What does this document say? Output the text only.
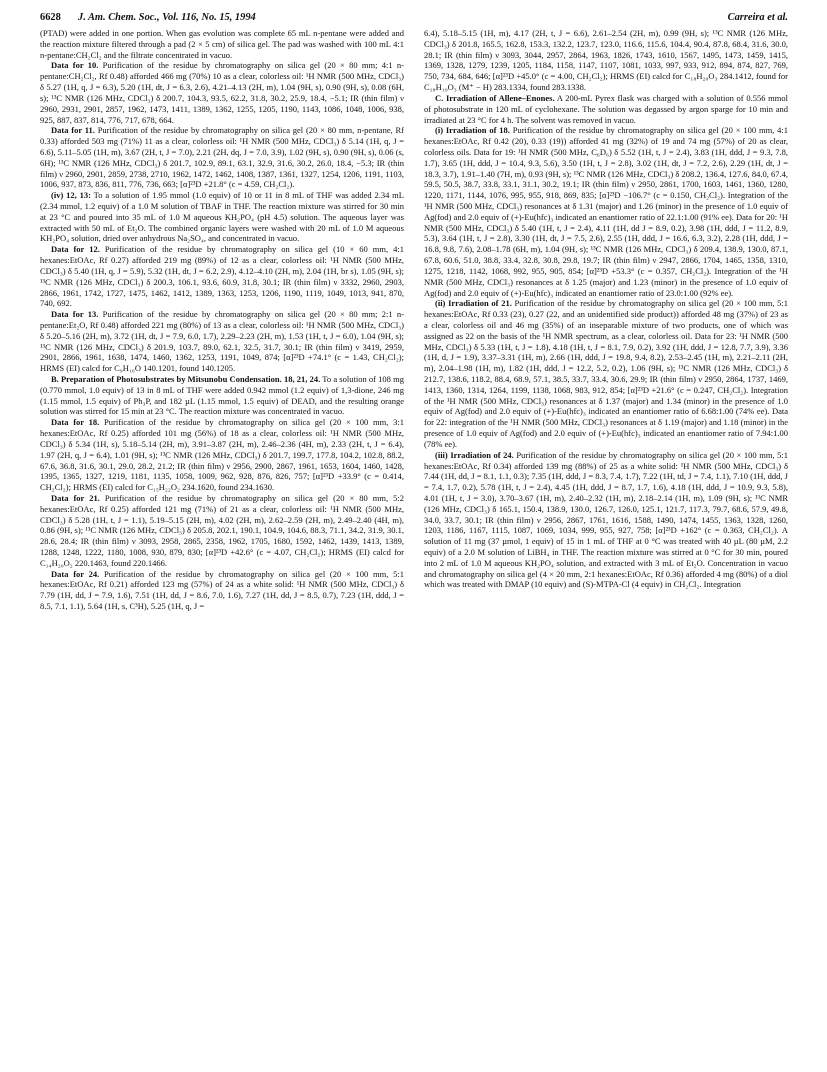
6628 J. Am. Chem. Soc., Vol. 116, No. 15, 1994	Carreira et al.

(PTAD) were added in one portion. When gas evolution was complete 65 mL n-pentane were added and the reaction mixture filtered through a pad (2 × 5 cm) of silica gel. The pad was washed with 100 mL 4:1 n-pentane:CH₂Cl₂ and the filtrate concentrated in vacuo.

Data for 10. Purification of the residue by chromatography on silica gel (20 × 80 mm; 4:1 n-pentane:CH₂Cl₂, Rf 0.48) afforded 466 mg (70%) 10 as a clear, colorless oil: ¹H NMR (500 MHz, CDCl₃) δ 5.27 (1H, q, J = 6.3), 5.20 (1H, dt, J = 6.3, 2.6), 4.21–4.13 (2H, m), 1.04 (9H, s), 0.90 (9H, s), 0.08 (6H, s); ¹³C NMR (126 MHz, CDCl₃) δ 200.7, 104.3, 93.5, 62.2, 31.8, 30.2, 25.9, 18.4, −5.1; IR (thin film) ν 2960, 2931, 2901, 2857, 1962, 1473, 1411, 1389, 1362, 1255, 1205, 1190, 1143, 1086, 1048, 1006, 938, 925, 887, 837, 814, 776, 717, 678, 664.

Data for 11. Purification of the residue by chromatography on silica gel (20 × 80 mm, n-pentane, Rf 0.33) afforded 503 mg (71%) 11 as a clear, colorless oil: ¹H NMR (500 MHz, CDCl₃) δ 5.14 (1H, q, J = 6.6), 5.11–5.05 (1H, m), 3.67 (2H, t, J = 7.0), 2.21 (2H, dq, J = 7.0, 3.9), 1.02 (9H, s), 0.90 (9H, s), 0.06 (s, 6H); ¹³C NMR (126 MHz, CDCl₃) δ 201.7, 102.9, 89.1, 63.1, 32.9, 31.6, 30.2, 26.0, 18.4, −5.3; IR (thin film) ν 2960, 2901, 2859, 2738, 2710, 1962, 1472, 1462, 1408, 1387, 1361, 1327, 1254, 1206, 1191, 1103, 1006, 937, 873, 836, 811, 776, 736, 663; [α]²³D +21.8° (c = 4.59, CH₂Cl₂).

(iv) 12, 13: To a solution of 1.95 mmol (1.0 equiv) of 10 or 11 in 8 mL of THF was added 2.34 mL (2.34 mmol, 1.2 equiv) of a 1.0 M solution of TBAF in THF. The reaction mixture was stirred for 30 min at 23 °C and poured into 35 mL of 1.0 M aqueous KH₂PO₄ (pH 4.5) solution. The aqueous layer was extracted with 50 mL of Et₂O. The combined organic layers were washed with 20 mL of 1.0 M aqueous KH₂PO₄ solution, dried over anhydrous Na₂SO₄, and concentrated in vacuo.

Data for 12. Purification of the residue by chromatography on silica gel (10 × 60 mm, 4:1 hexanes:EtOAc, Rf 0.27) afforded 219 mg (89%) of 12 as a clear, colorless oil: ¹H NMR (500 MHz, CDCl₃) δ 5.40 (1H, q, J = 5.9), 5.32 (1H, dt, J = 6.2, 2.9), 4.12–4.10 (2H, m), 2.04 (1H, br s), 1.05 (9H, s); ¹³C NMR (126 MHz, CDCl₃) δ 200.3, 106.1, 93.6, 60.9, 31.8, 30.1; IR (thin film) ν 3332, 2960, 2903, 2866, 1961, 1742, 1727, 1475, 1462, 1412, 1389, 1363, 1253, 1206, 1190, 1119, 1049, 1013, 941, 870, 740, 692.

Data for 13. Purification of the residue by chromatography on silica gel (20 × 80 mm; 2:1 n-pentane:Et₂O, Rf 0.48) afforded 221 mg (80%) of 13 as a clear, colorless oil: ¹H NMR (500 MHz, CDCl₃) δ 5.20–5.16 (2H, m), 3.72 (1H, dt, J = 7.9, 6.0, 1.7), 2.29–2.23 (2H, m), 1.53 (1H, t, J = 6.0), 1.04 (9H, s); ¹³C NMR (126 MHz, CDCl₃) δ 201.9, 103.7, 89.0, 62.1, 32.5, 31.7, 30.1; IR (thin film) ν 3419, 2959, 2901, 2866, 1961, 1638, 1474, 1460, 1362, 1253, 1191, 1049, 874; [α]²³D +74.1° (c = 1.43, CH₂Cl₂); HRMS (EI) calcd for C₉H₁₆O 140.1201, found 140.1205.

B. Preparation of Photosubstrates by Mitsunobu Condensation. 18, 21, 24. To a solution of 108 mg (0.770 mmol, 1.0 equiv) of 13 in 8 mL of THF were added 0.942 mmol (1.2 equiv) of 1,3-dione, 246 mg (1.15 mmol, 1.5 equiv) of Ph₃P, and 182 µL (1.15 mmol, 1.5 equiv) of DEAD, and the resulting orange solution was stirred for 15 min at 23 °C. The reaction mixture was concentrated in vacuo.

Data for 18. Purification of the residue by chromatography on silica gel (20 × 100 mm, 3:1 hexanes:EtOAc, Rf 0.25) afforded 101 mg (56%) of 18 as a clear, colorless oil: ¹H NMR (500 MHz, CDCl₃) δ 5.34 (1H, s), 5.18–5.14 (2H, m), 3.91–3.87 (2H, m), 2.46–2.36 (4H, m), 2.33 (2H, t, J = 6.4), 1.97 (2H, q, J = 6.4), 1.01 (9H, s); ¹³C NMR (126 MHz, CDCl₃) δ 201.7, 199.7, 177.8, 104.2, 102.8, 88.2, 67.6, 36.8, 31.6, 30.1, 29.0, 28.2, 21.2; IR (thin film) ν 2956, 2900, 2867, 1961, 1653, 1604, 1460, 1428, 1395, 1365, 1327, 1219, 1181, 1135, 1058, 1009, 962, 928, 876, 826, 757; [α]²³D +33.9° (c = 0.414, CH₂Cl₂); HRMS (EI) calcd for C₁₅H₂₂O₂ 234.1620, found 234.1630.

Data for 21. Purification of the residue by chromatography on silica gel (20 × 80 mm, 5:2 hexanes:EtOAc, Rf 0.25) afforded 121 mg (71%) of 21 as a clear, colorless oil: ¹H NMR (500 MHz, CDCl₃) δ 5.28 (1H, t, J = 1.1), 5.19–5.15 (2H, m), 4.02 (2H, m), 2.62–2.59 (2H, m), 2.49–2.40 (4H, m), 0.86 (9H, s); ¹³C NMR (126 MHz, CDCl₃) δ 205.8, 202.1, 190.1, 104.9, 104.6, 88.3, 71.1, 34.2, 31.9, 30.1, 28.6, 28.4; IR (thin film) ν 3093, 2958, 2865, 2358, 1962, 1705, 1680, 1592, 1462, 1439, 1413, 1389, 1288, 1248, 1222, 1180, 1008, 930, 879, 830; [α]²³D +42.6° (c = 4.07, CH₂Cl₂); HRMS (EI) calcd for C₁₄H₂₀O₂ 220.1463, found 220.1466.

Data for 24. Purification of the residue by chromatography on silica gel (20 × 100 mm, 5:1 hexanes:EtOAc, Rf 0.21) afforded 123 mg (57%) of 24 as a white solid: ¹H NMR (500 MHz, CDCl₃) δ 7.79 (1H, dd, J = 7.9, 1.6), 7.51 (1H, dd, J = 8.6, 7.0, 1.6), 7.27 (1H, dd, J = 8.5, 0.7), 7.23 (1H, ddd, J = 8.5, 7.1, 1.1), 5.64 (1H, s, C³H), 5.25 (1H, q, J =

6.4), 5.18–5.15 (1H, m), 4.17 (2H, t, J = 6.6), 2.61–2.54 (2H, m), 0.99 (9H, s); ¹³C NMR (126 MHz, CDCl₃) δ 201.8, 165.5, 162.8, 153.3, 132.2, 123.7, 123.0, 116.6, 115.6, 104.4, 90.4, 87.8, 68.4, 31.6, 30.0, 28.1; IR (thin film) ν 3093, 3044, 2957, 2864, 1963, 1826, 1743, 1610, 1567, 1495, 1473, 1459, 1415, 1369, 1328, 1279, 1239, 1205, 1184, 1158, 1147, 1107, 1081, 1033, 997, 933, 912, 894, 874, 827, 769, 750, 734, 684, 646; [α]²³D +45.0° (c = 4.00, CH₂Cl₂); HRMS (EI) calcd for C₁₈H₂₀O₃ 284.1412, found for C₁₈H₁₉O₃ (M⁺ − H) 283.1334, found 283.1338.

C. Irradiation of Allene–Enones. A 200-mL Pyrex flask was charged with a solution of 0.556 mmol of photosubstrate in 120 mL of cyclohexane. The solution was degassed by argon sparge for 10 min and irradiated at 23 °C for 4 h. The solvent was removed in vacuo.

(i) Irradiation of 18. Purification of the residue by chromatography on silica gel (20 × 100 mm, 4:1 hexanes:EtOAc, Rf 0.42 (20), 0.33 (19)) afforded 41 mg (32%) of 19 and 74 mg (57%) of 20 as clear, colorless oils. Data for 19: ¹H NMR (500 MHz, C₆D₆) δ 5.52 (1H, t, J = 2.4), 3.83 (1H, ddd, J = 9.3, 7.8, 1.7), 3.65 (1H, ddd, J = 10.4, 9.3, 5.6), 3.50 (1H, t, J = 2.8), 3.02 (1H, dt, J = 7.2, 2.6), 2.29 (1H, dt, J = 18.3, 3.7), 1.91–1.40 (7H, m), 0.93 (9H, s); ¹³C NMR (126 MHz, CDCl₃) δ 208.2, 136.4, 127.6, 84.0, 67.4, 59.5, 50.5, 38.7, 33.8, 33.1, 31.1, 30.2, 19.1; IR (thin film) ν 2950, 2861, 1700, 1603, 1461, 1360, 1280, 1220, 1171, 1144, 1076, 995, 955, 918, 869, 835; [α]²³D −106.7° (c = 0.150, CH₂Cl₂). Integration of the ¹H NMR (500 MHz, CDCl₃) resonances at δ 1.31 (major) and 1.26 (minor) in the presence of 1.0 equiv of Ag(fod) and 2.0 equiv of (+)-Eu(hfc)₃ indicated an enantiomer ratio of 22.1:1.00 (91% ee). Data for 20: ¹H NMR (500 MHz, CDCl₃) δ 5.40 (1H, t, J = 2.4), 4.11 (1H, dd J = 8.9, 0.2), 3.98 (1H, ddd, J = 11.2, 8.9, 5.3), 3.64 (1H, t, J = 2.8), 3.30 (1H, dt, J = 7.5, 2.6), 2.55 (1H, ddd, J = 16.6, 6.3, 3.2), 2.28 (1H, ddd, J = 16.8, 9.8, 7.6), 2.08–1.78 (6H, m), 1.04 (9H, s); ¹³C NMR (126 MHz, CDCl₃) δ 209.4, 138.9, 130.0, 87.1, 67.8, 60.6, 51.0, 38.8, 33.4, 32.8, 30.8, 29.8, 19.7; IR (thin film) ν 2947, 2866, 1704, 1465, 1358, 1310, 1275, 1218, 1142, 1068, 992, 955, 905, 854; [α]²³D +53.3° (c = 0.357, CH₂Cl₂). Integration of the ¹H NMR (500 MHz, CDCl₃) resonances at δ 1.25 (major) and 1.23 (minor) in the presence of 1.0 equiv of Ag(fod) and 2.0 equiv of (+)-Eu(hfc)₃ indicated an enantiomer ratio of 23.0:1.00 (92% ee).

(ii) Irradiation of 21. Purification of the residue by chromatography on silica gel (20 × 100 mm, 5:1 hexanes:EtOAc, Rf 0.33 (23), 0.27 (22, and an unidentified side product)) afforded 48 mg (37%) of 23 as a clear, colorless oil and 46 mg (35%) of an inseparable mixture of two products, one of which was assigned as 22 on the basis of the ¹H NMR spectrum, as a clear, colorless oil. Data for 23: ¹H NMR (500 MHz, CDCl₃) δ 5.33 (1H, t, J = 1.8), 4.18 (1H, t, J = 8.1, 7.9, 0.2), 3.92 (1H, ddd, J = 12.8, 7.7, 3.9), 3.36 (1H, d, J = 1.9), 3.37–3.31 (1H, m), 2.66 (1H, ddd, J = 19.8, 9.4, 8.2), 2.53–2.45 (1H, m), 2.21–2.11 (2H, m), 2.04–1.98 (1H, m), 1.82 (1H, ddd, J = 12.2, 5.2, 0.2), 1.06 (9H, s); ¹³C NMR (126 MHz, CDCl₃) δ 212.7, 138.6, 118.2, 88.4, 68.9, 57.1, 38.5, 33.7, 33.4, 30.6, 29.9; IR (thin film) ν 2950, 2864, 1737, 1469, 1413, 1360, 1314, 1264, 1199, 1138, 1068, 983, 912, 854; [α]²³D +21.6° (c = 0.247, CH₂Cl₂). Integration of the ¹H NMR (500 MHz, CDCl₃) resonances at δ 1.37 (major) and 1.34 (minor) in the presence of 1.0 equiv of Ag(fod) and 2.0 equiv of (+)-Eu(hfc)₃ indicated an enantiomer ratio of 6.68:1.00 (74% ee). Data for 22: integration of the ¹H NMR (500 MHz, CDCl₃) resonances at δ 1.19 (major) and 1.18 (minor) in the presence of 1.0 equiv of Ag(fod) and 2.0 equiv of (+)-Eu(hfc)₃ indicated an enantiomer ratio of 7.94:1.00 (78% ee).

(iii) Irradiation of 24. Purification of the residue by chromatography on silica gel (20 × 100 mm, 5:1 hexanes:EtOAc, Rf 0.34) afforded 139 mg (88%) of 25 as a white solid: ¹H NMR (500 MHz, CDCl₃) δ 7.44 (1H, dd, J = 8.1, 1.1, 0.3); 7.35 (1H, ddd, J = 8.3, 7.4, 1.7), 7.22 (1H, td, J = 7.4, 1.1), 7.10 (1H, ddd, J = 7.4, 1.7, 0.2), 5.78 (1H, t, J = 2.4), 4.45 (1H, ddd, J = 8.7, 1.7, 1.6), 4.18 (1H, ddd, J = 10.9, 9.3, 5.8), 4.01 (1H, t, J = 3.0), 3.70–3.67 (1H, m), 2.40–2.32 (1H, m), 2.18–2.14 (1H, m), 1.09 (9H, s); ¹³C NMR (126 MHz, CDCl₃) δ 165.1, 150.4, 138.9, 130.0, 126.7, 126.0, 125.1, 121.7, 117.3, 79.7, 68.6, 57.9, 49.8, 34.0, 33.7, 30.1; IR (thin film) ν 2956, 2867, 1761, 1616, 1588, 1490, 1474, 1455, 1363, 1328, 1260, 1203, 1186, 1167, 1115, 1087, 1069, 1034, 999, 955, 927, 758; [α]²³D +162° (c = 0.363, CH₂Cl₂). A solution of 11 mg (37 µmol, 1 equiv) of 15 in 1 mL of THF at 0 °C was treated with 40 µL (80 µM, 2.2 equiv) of a 2.0 M solution of LiBH₄ in THF. The reaction mixture was stirred at 0 °C for 30 min, poured into 2 mL of 1.0 M aqueous KH₂PO₄ solution, and extracted with 3 mL of Et₂O. Concentration in vacuo and chromatography on silica gel (4 × 20 mm, 2:1 hexanes:EtOAc, Rf 0.36) afforded 4 mg (80%) of a diol which was treated with DMAP (10 equiv) and (S)-MTPA-Cl (4 equiv) in CH₂Cl₂. Integration
